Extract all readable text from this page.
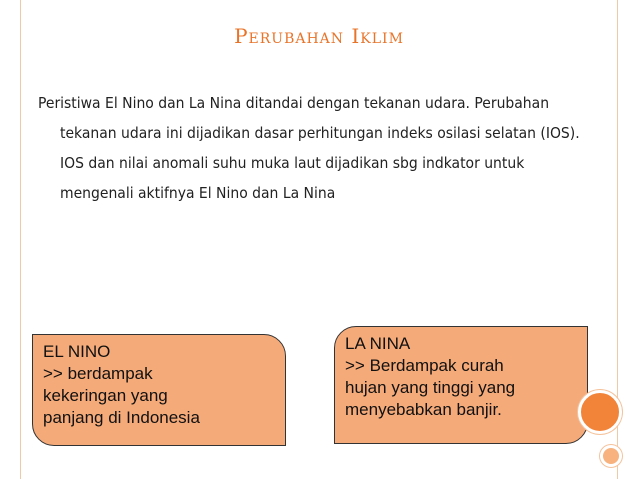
Perubahan Iklim

Peristiwa El Nino dan La Nina ditandai dengan tekanan udara. Perubahan tekanan udara ini dijadikan dasar perhitungan indeks osilasi selatan (IOS). IOS dan nilai anomali suhu muka laut dijadikan sbg indkator untuk mengenali aktifnya El Nino dan La Nina

EL NINO
>> berdampak
kekeringan yang
panjang di Indonesia
LA NINA
>> Berdampak curah
hujan yang tinggi yang
menyebabkan banjir.
